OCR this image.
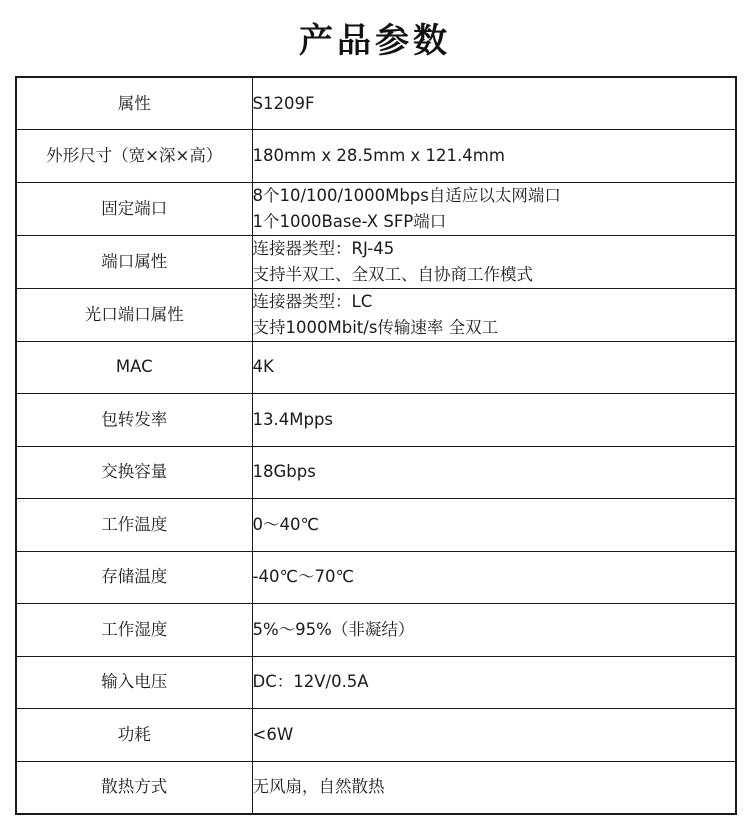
产品参数
属性	S1209F

外形尺寸（宽×深×高）	180mm x 28.5mm x 121.4mm

固定端口	8个10/100/1000Mbps自适应以太网端口
1个1000Base-X SFP端口

端口属性	连接器类型：RJ-45
支持半双工、全双工、自协商工作模式

光口端口属性	连接器类型：LC
支持1000Mbit/s传输速率 全双工

MAC	4K

包转发率	13.4Mpps

交换容量	18Gbps

工作温度	0～40℃

存储温度	-40℃～70℃

工作湿度	5%～95%（非凝结）

输入电压	DC：12V/0.5A

功耗	<6W

散热方式	无风扇，自然散热
